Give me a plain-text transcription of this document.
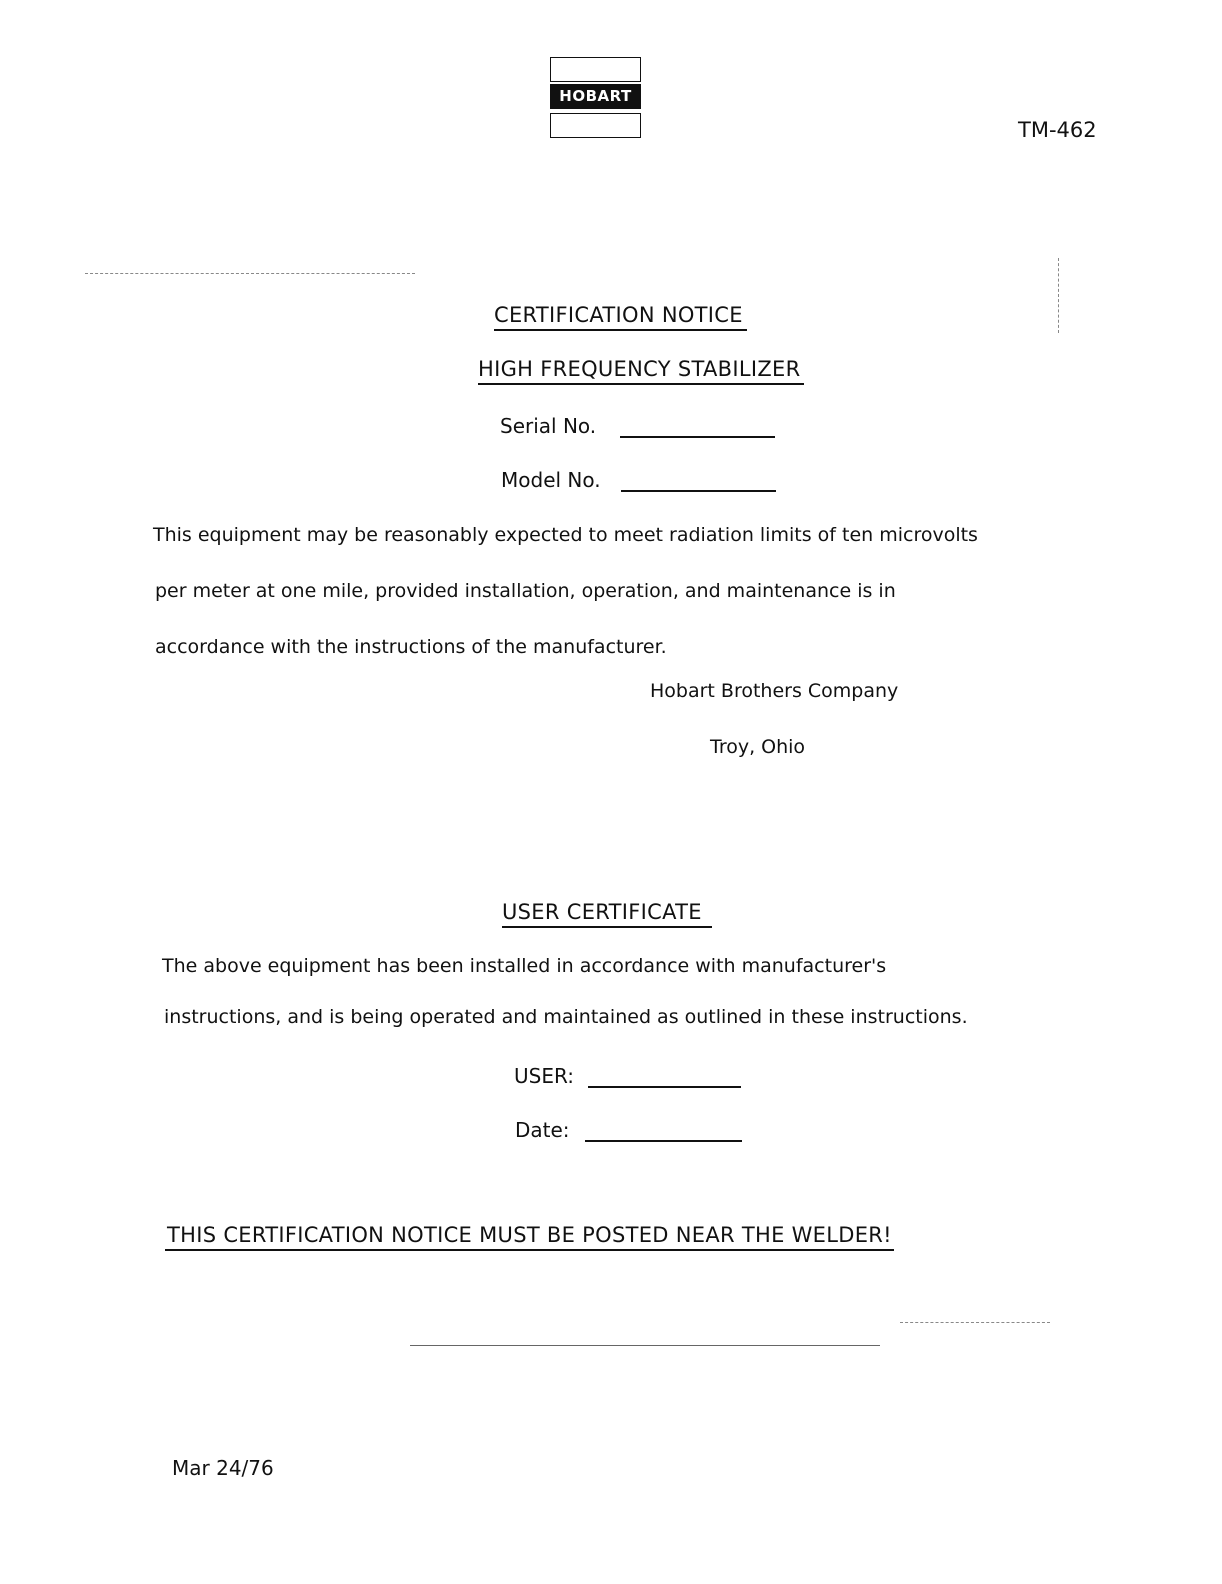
HOBART
TM-462
CERTIFICATION NOTICE
HIGH FREQUENCY STABILIZER
Serial No.
Model No.
This equipment may be reasonably expected to meet radiation limits of ten microvolts
per meter at one mile, provided installation, operation, and maintenance is in
accordance with the instructions of the manufacturer.
Hobart Brothers Company
Troy, Ohio
USER CERTIFICATE
The above equipment has been installed in accordance with manufacturer's
instructions, and is being operated and maintained as outlined in these instructions.
USER:
Date:
THIS CERTIFICATION NOTICE MUST BE POSTED NEAR THE WELDER!
Mar 24/76
